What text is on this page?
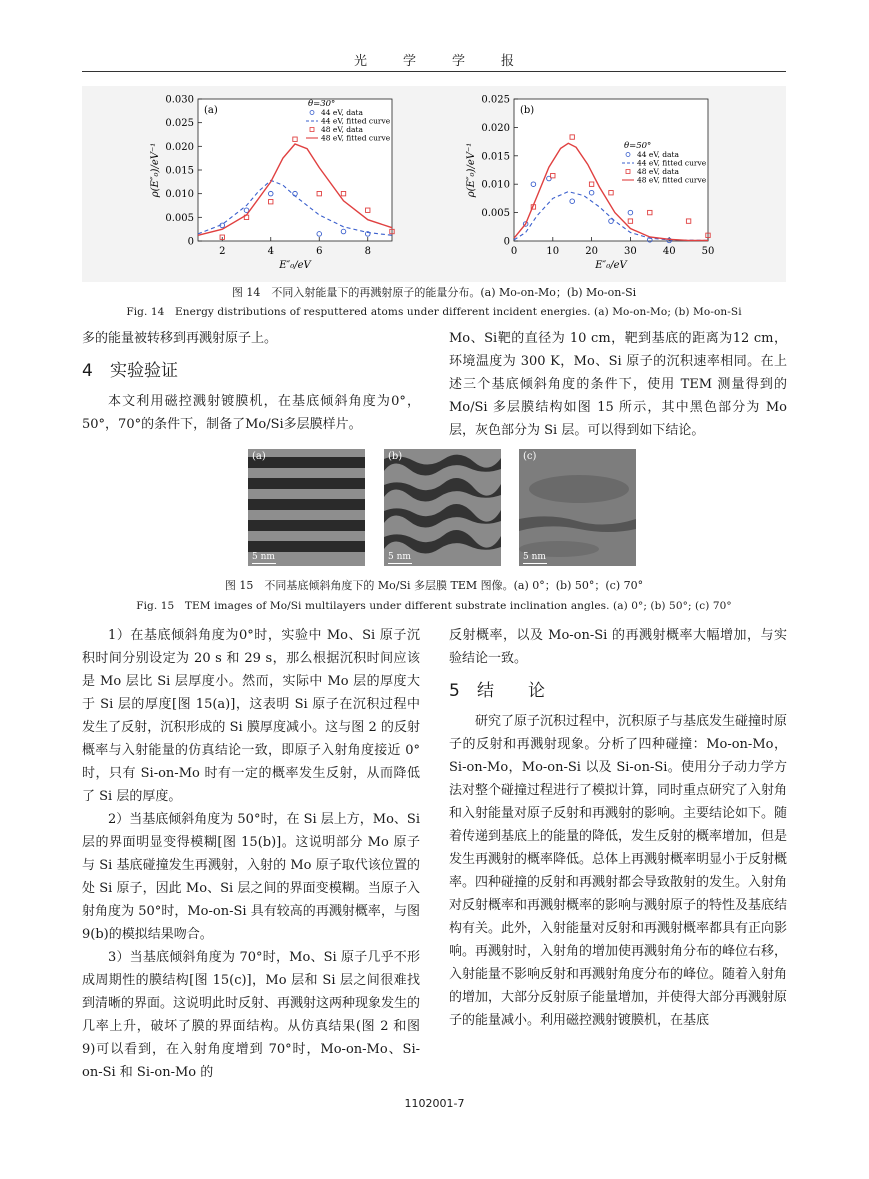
光学学报
0
0.005
0.010
0.015
0.020
0.025
0.030
2	4	6	8
E″₀/eV
ρ(E″₀)/eV⁻¹
(a)
θ=30°
44 eV, data
44 eV, fitted curve
48 eV, data
48 eV, fitted curve
0
0.005
0.010
0.015
0.020
0.025
0	10	20	30	40	50
E″₀/eV
ρ(E″₀)/eV⁻¹
(b)
θ=50°
44 eV, data
44 eV, fitted curve
48 eV, data
48 eV, fitted curve
图 14　不同入射能量下的再溅射原子的能量分布。(a) Mo-on-Mo；(b) Mo-on-Si
Fig. 14　Energy distributions of resputtered atoms under different incident energies. (a) Mo-on-Mo; (b) Mo-on-Si

多的能量被转移到再溅射原子上。

4 实验验证

本文利用磁控溅射镀膜机，在基底倾斜角度为0°，50°，70°的条件下，制备了Mo/Si多层膜样片。

Mo、Si靶的直径为 10 cm，靶到基底的距离为12 cm，环境温度为 300 K，Mo、Si 原子的沉积速率相同。在上述三个基底倾斜角度的条件下，使用 TEM 测量得到的 Mo/Si 多层膜结构如图 15 所示，其中黑色部分为 Mo 层，灰色部分为 Si 层。可以得到如下结论。

(a)
5 nm
(b)
5 nm
(c)
5 nm
图 15　不同基底倾斜角度下的 Mo/Si 多层膜 TEM 图像。(a) 0°；(b) 50°；(c) 70°
Fig. 15　TEM images of Mo/Si multilayers under different substrate inclination angles. (a) 0°; (b) 50°; (c) 70°

1）在基底倾斜角度为0°时，实验中 Mo、Si 原子沉积时间分别设定为 20 s 和 29 s，那么根据沉积时间应该是 Mo 层比 Si 层厚度小。然而，实际中 Mo 层的厚度大于 Si 层的厚度[图 15(a)]，这表明 Si 原子在沉积过程中发生了反射，沉积形成的 Si 膜厚度减小。这与图 2 的反射概率与入射能量的仿真结论一致，即原子入射角度接近 0°时，只有 Si-on-Mo 时有一定的概率发生反射，从而降低了 Si 层的厚度。

2）当基底倾斜角度为 50°时，在 Si 层上方，Mo、Si 层的界面明显变得模糊[图 15(b)]。这说明部分 Mo 原子与 Si 基底碰撞发生再溅射，入射的 Mo 原子取代该位置的处 Si 原子，因此 Mo、Si 层之间的界面变模糊。当原子入射角度为 50°时，Mo-on-Si 具有较高的再溅射概率，与图 9(b)的模拟结果吻合。

3）当基底倾斜角度为 70°时，Mo、Si 原子几乎不形成周期性的膜结构[图 15(c)]，Mo 层和 Si 层之间很难找到清晰的界面。这说明此时反射、再溅射这两种现象发生的几率上升，破坏了膜的界面结构。从仿真结果(图 2 和图 9)可以看到，在入射角度增到 70°时，Mo-on-Mo、Si-on-Si 和 Si-on-Mo 的

反射概率，以及 Mo-on-Si 的再溅射概率大幅增加，与实验结论一致。

5 结　　论

研究了原子沉积过程中，沉积原子与基底发生碰撞时原子的反射和再溅射现象。分析了四种碰撞：Mo-on-Mo，Si-on-Mo，Mo-on-Si 以及 Si-on-Si。使用分子动力学方法对整个碰撞过程进行了模拟计算，同时重点研究了入射角和入射能量对原子反射和再溅射的影响。主要结论如下。随着传递到基底上的能量的降低，发生反射的概率增加，但是发生再溅射的概率降低。总体上再溅射概率明显小于反射概率。四种碰撞的反射和再溅射都会导致散射的发生。入射角对反射概率和再溅射概率的影响与溅射原子的特性及基底结构有关。此外，入射能量对反射和再溅射概率都具有正向影响。再溅射时，入射角的增加使再溅射角分布的峰位右移，入射能量不影响反射和再溅射角度分布的峰位。随着入射角的增加，大部分反射原子能量增加，并使得大部分再溅射原子的能量减小。利用磁控溅射镀膜机，在基底

1102001-7
